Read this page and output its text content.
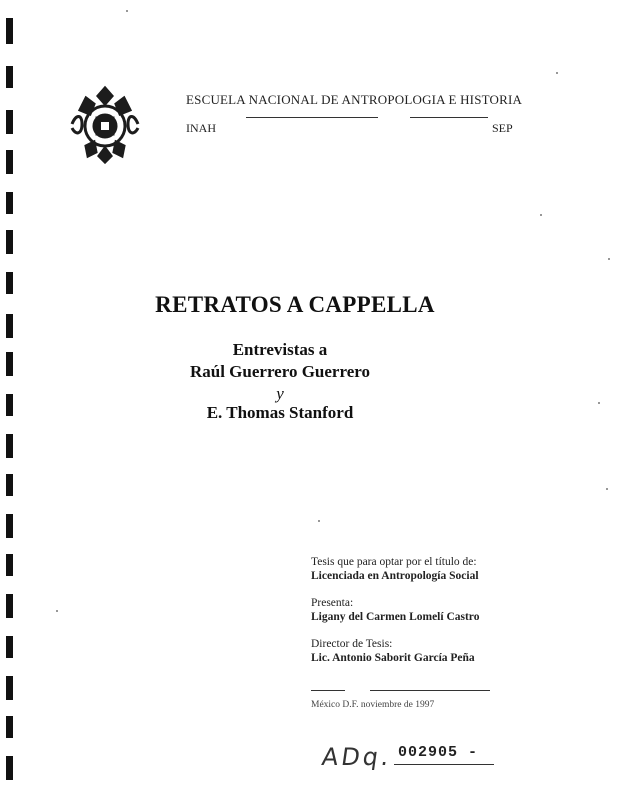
ESCUELA NACIONAL DE ANTROPOLOGIA E HISTORIA
INAH	SEP
RETRATOS A CAPPELLA
Entrevistas a
Raúl Guerrero Guerrero
y
E. Thomas Stanford
Tesis que para optar por el título de:
Licenciada en Antropología Social
Presenta:
Ligany del Carmen Lomelí Castro
Director de Tesis:
Lic. Antonio Saborit García Peña
México D.F. noviembre de 1997
ADq. 002905 -
